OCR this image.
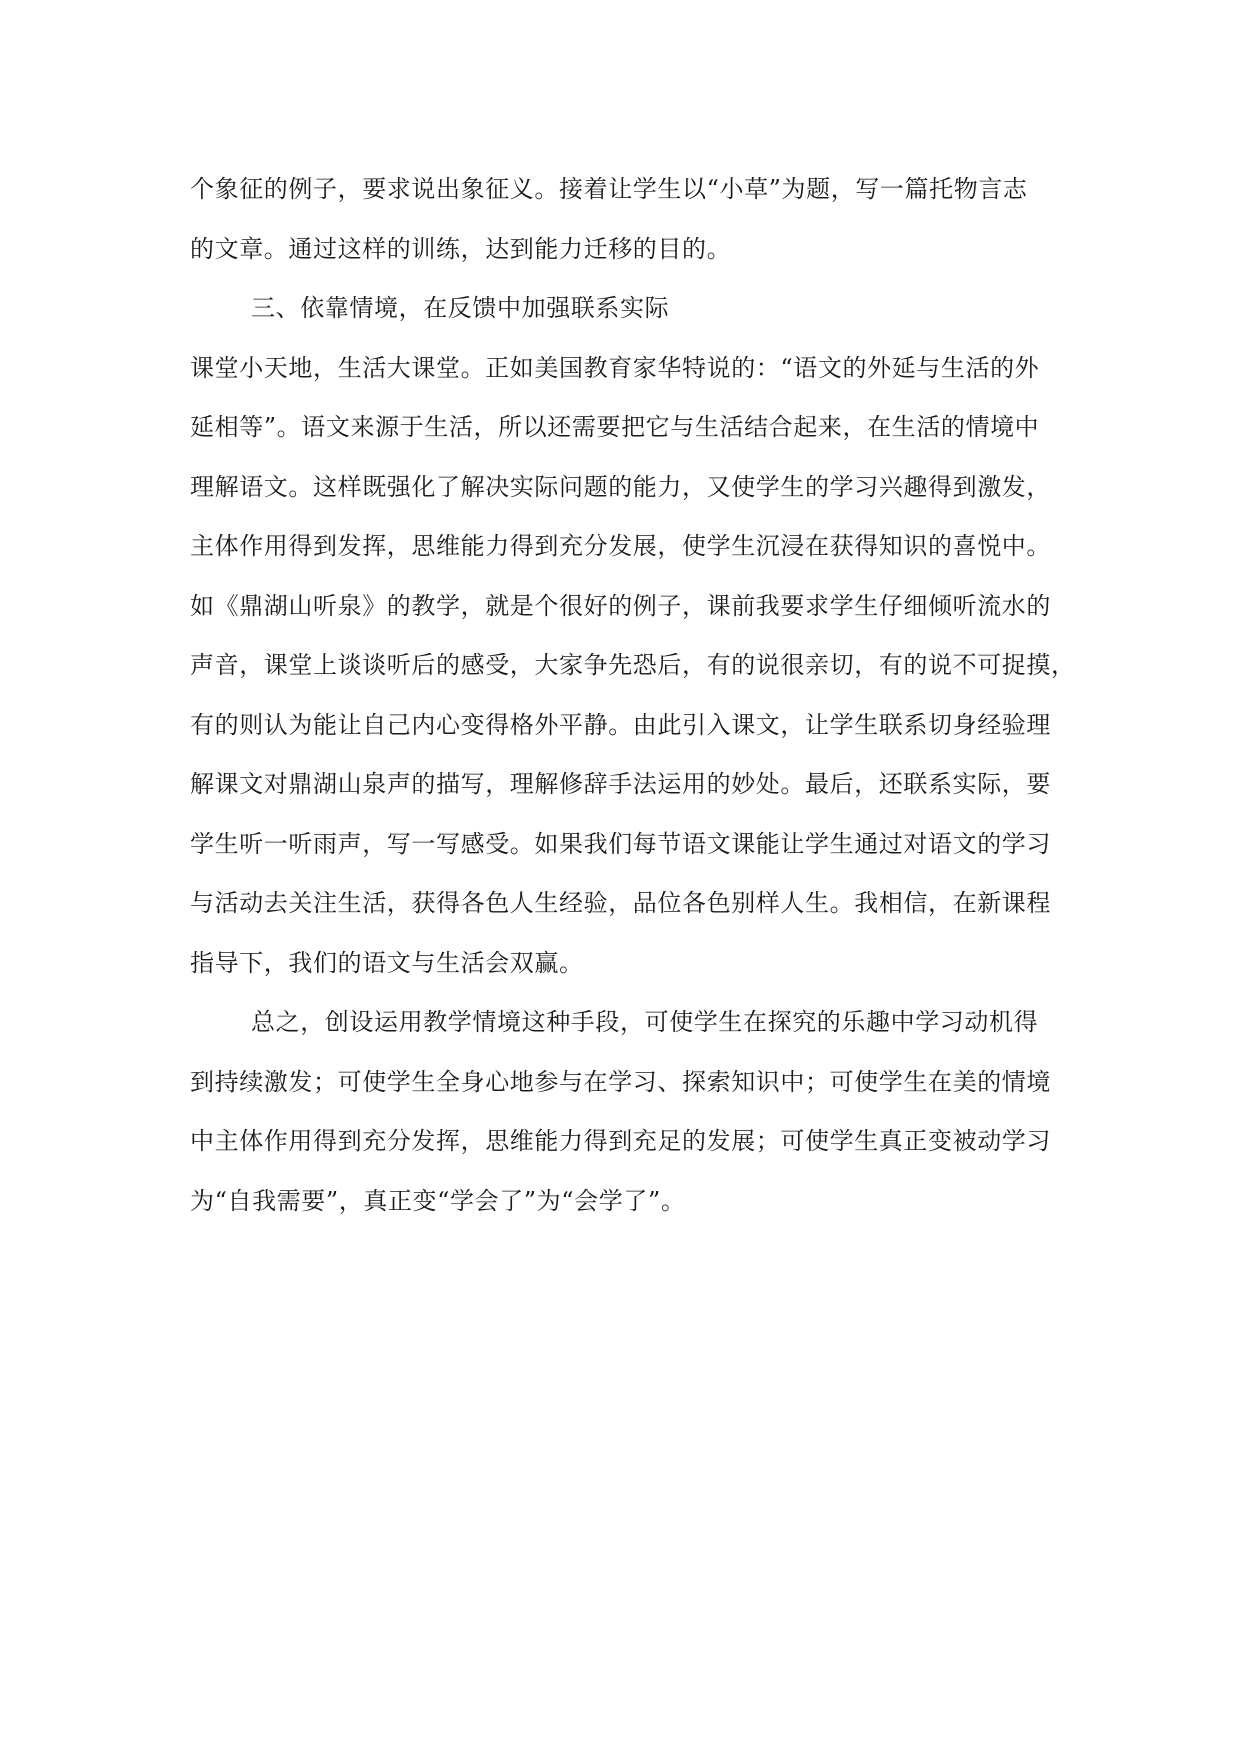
个象征的例子，要求说出象征义。接着让学生以“小草”为题，写一篇托物言志
的文章。通过这样的训练，达到能力迁移的目的。
三、依靠情境，在反馈中加强联系实际
课堂小天地，生活大课堂。正如美国教育家华特说的：“语文的外延与生活的外
延相等”。语文来源于生活，所以还需要把它与生活结合起来，在生活的情境中
理解语文。这样既强化了解决实际问题的能力，又使学生的学习兴趣得到激发，
主体作用得到发挥，思维能力得到充分发展，使学生沉浸在获得知识的喜悦中。
如《鼎湖山听泉》的教学，就是个很好的例子，课前我要求学生仔细倾听流水的
声音，课堂上谈谈听后的感受，大家争先恐后，有的说很亲切，有的说不可捉摸，
有的则认为能让自己内心变得格外平静。由此引入课文，让学生联系切身经验理
解课文对鼎湖山泉声的描写，理解修辞手法运用的妙处。最后，还联系实际，要
学生听一听雨声，写一写感受。如果我们每节语文课能让学生通过对语文的学习
与活动去关注生活，获得各色人生经验，品位各色别样人生。我相信，在新课程
指导下，我们的语文与生活会双赢。
总之，创设运用教学情境这种手段，可使学生在探究的乐趣中学习动机得
到持续激发；可使学生全身心地参与在学习、探索知识中；可使学生在美的情境
中主体作用得到充分发挥，思维能力得到充足的发展；可使学生真正变被动学习
为“自我需要”，真正变“学会了”为“会学了”。
